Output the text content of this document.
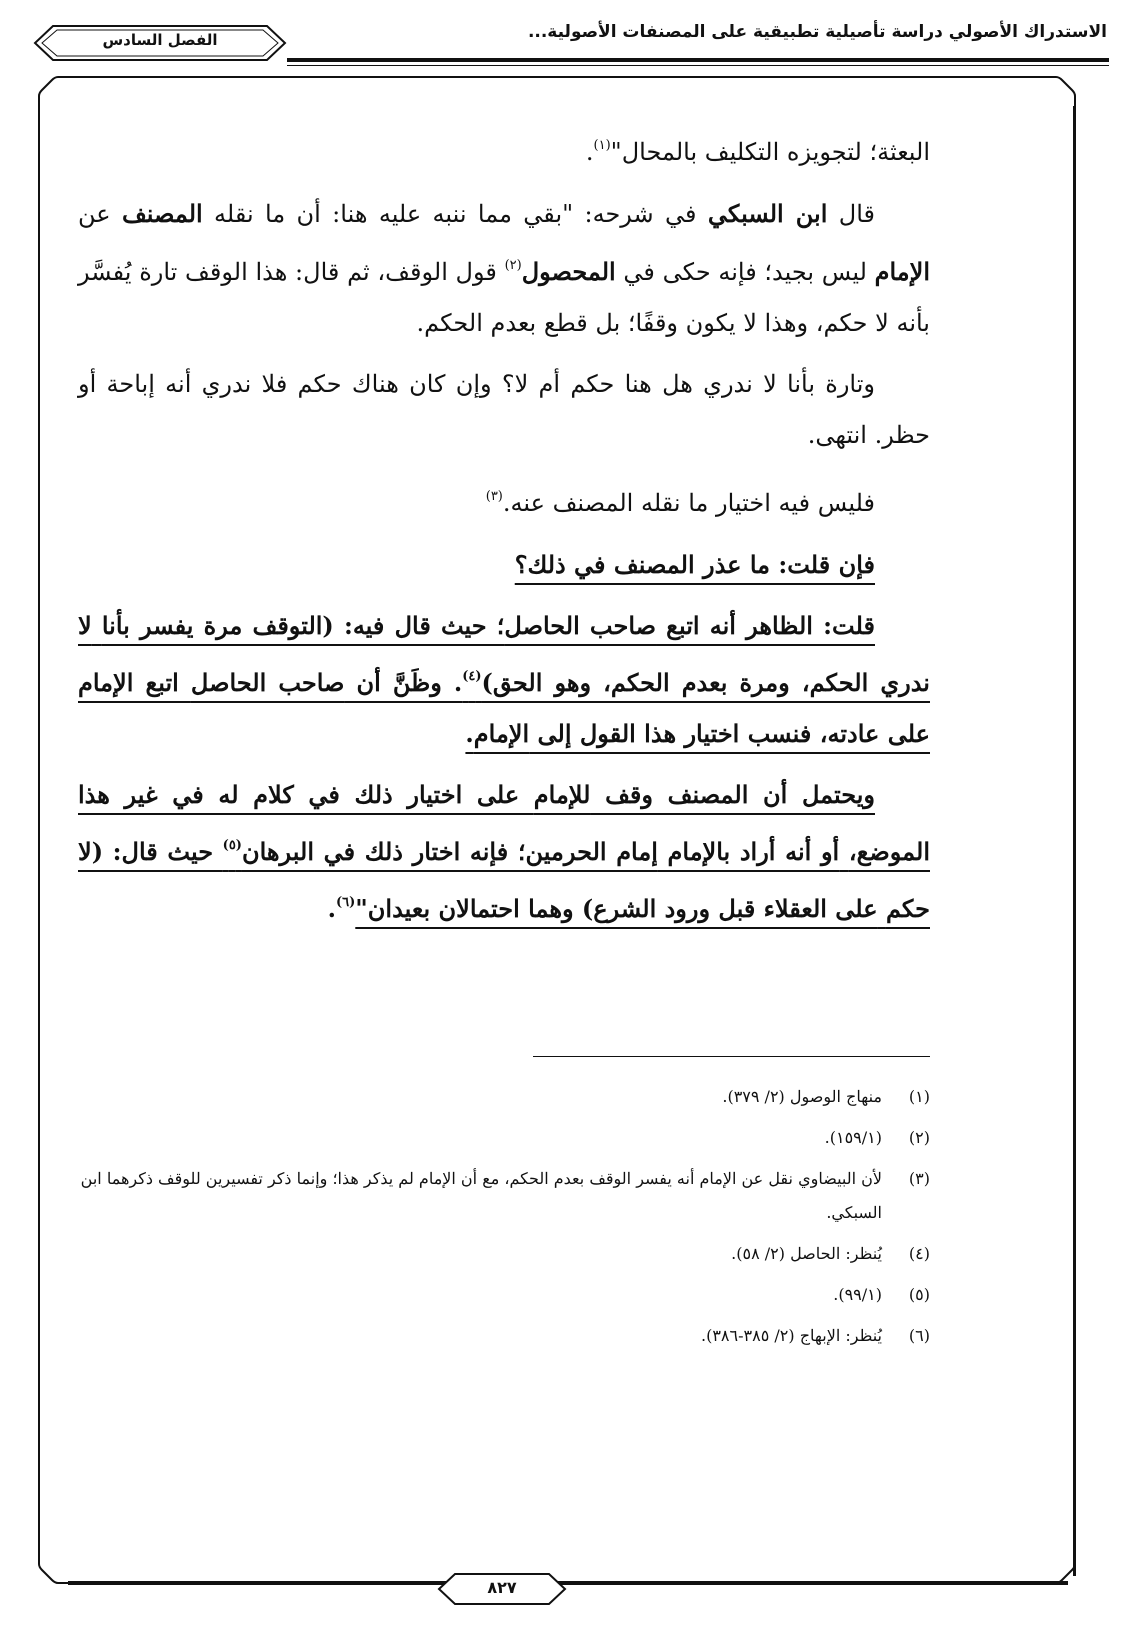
الاستدراك الأصولي دراسة تأصيلية تطبيقية على المصنفات الأصولية...
الفصل السادس
البعثة؛ لتجويزه التكليف بالمحال"$^{(١)}$.
قال ابن السبكي في شرحه: "بقي مما ننبه عليه هنا: أن ما نقله المصنف عن الإمام ليس بجيد؛ فإنه حكى في المحصول$^{(٢)}$ قول الوقف، ثم قال: هذا الوقف تارة يُفسَّر بأنه لا حكم، وهذا لا يكون وقفًا؛ بل قطع بعدم الحكم.
وتارة بأنا لا ندري هل هنا حكم أم لا؟ وإن كان هناك حكم فلا ندري أنه إباحة أو حظر. انتهى.
فليس فيه اختيار ما نقله المصنف عنه.$^{(٣)}$
فإن قلت: ما عذر المصنف في ذلك؟
قلت: الظاهر أنه اتبع صاحب الحاصل؛ حيث قال فيه: (التوقف مرة يفسر بأنا لا ندري الحكم، ومرة بعدم الحكم، وهو الحق)$^{(٤)}$. وظَنَّ أن صاحب الحاصل اتبع الإمام على عادته، فنسب اختيار هذا القول إلى الإمام.
ويحتمل أن المصنف وقف للإمام على اختيار ذلك في كلام له في غير هذا الموضع، أو أنه أراد بالإمام إمام الحرمين؛ فإنه اختار ذلك في البرهان$^{(٥)}$ حيث قال: (لا حكم على العقلاء قبل ورود الشرع) وهما احتمالان بعيدان"$^{(٦)}$.
(١)
منهاج الوصول (٢/ ٣٧٩).
(٢)
(١٥٩/١).
(٣)
لأن البيضاوي نقل عن الإمام أنه يفسر الوقف بعدم الحكم، مع أن الإمام لم يذكر هذا؛ وإنما ذكر تفسيرين للوقف ذكرهما ابن السبكي.
(٤)
يُنظر: الحاصل (٢/ ٥٨).
(٥)
(٩٩/١).
(٦)
يُنظر: الإبهاج (٢/ ٣٨٥-٣٨٦).
٨٢٧
